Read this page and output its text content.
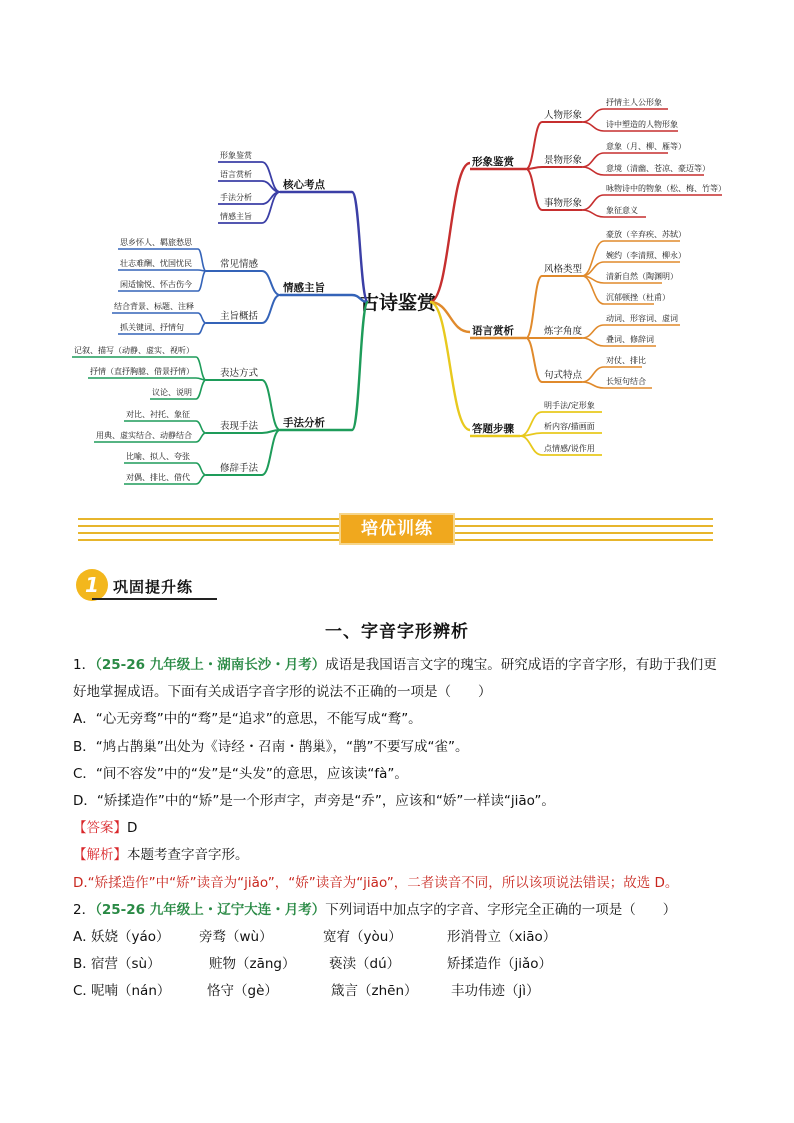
古诗鉴赏
形象鉴赏
人物形象
抒情主人公形象
诗中塑造的人物形象
景物形象
意象（月、柳、雁等）
意境（清幽、苍凉、豪迈等）
事物形象
咏物诗中的物象（松、梅、竹等）
象征意义
语言赏析
风格类型
豪放（辛弃疾、苏轼）
婉约（李清照、柳永）
清新自然（陶渊明）
沉郁顿挫（杜甫）
炼字角度
动词、形容词、虚词
叠词、修辞词
句式特点
对仗、排比
长短句结合
答题步骤
明手法/定形象
析内容/描画面
点情感/说作用
核心考点
形象鉴赏
语言赏析
手法分析
情感主旨
情感主旨
常见情感
思乡怀人、羁旅愁思
壮志难酬、忧国忧民
闲适愉悦、怀古伤今
主旨概括
结合背景、标题、注释
抓关键词、抒情句
手法分析
表达方式
记叙、描写（动静、虚实、视听）
抒情（直抒胸臆、借景抒情）
议论、说明
表现手法
对比、衬托、象征
用典、虚实结合、动静结合
修辞手法
比喻、拟人、夸张
对偶、排比、借代
培优训练
1 巩固提升练
一、字音字形辨析

1．（25-26 九年级上・湖南长沙・月考）成语是我国语言文字的瑰宝。研究成语的字音字形，有助于我们更好地掌握成语。下面有关成语字音字形的说法不正确的一项是（　　）

A．“心无旁骛”中的“骛”是“追求”的意思，不能写成“鹜”。

B．“鸠占鹊巢”出处为《诗经・召南・鹊巢》，“鹊”不要写成“雀”。

C．“间不容发”中的“发”是“头发”的意思，应该读“fà”。

D．“矫揉造作”中的“矫”是一个形声字，声旁是“乔”，应该和“娇”一样读“jiāo”。

【答案】D

【解析】本题考查字音字形。

D.“矫揉造作”中“矫”读音为“jiǎo”，“娇”读音为“jiāo”，二者读音不同，所以该项说法错误；故选 D。

2．（25-26 九年级上・辽宁大连・月考）下列词语中加点字的字音、字形完全正确的一项是（　　）

A．妖娆（yáo） 旁骛（wù）	宽宥（yòu）	形消骨立（xiāo）

B．宿营（sù）	赃物（zāng） 亵渎（dú）	矫揉造作（jiǎo）

C．呢喃（nán）	恪守（gè）	箴言（zhēn） 丰功伟迹（jì）
